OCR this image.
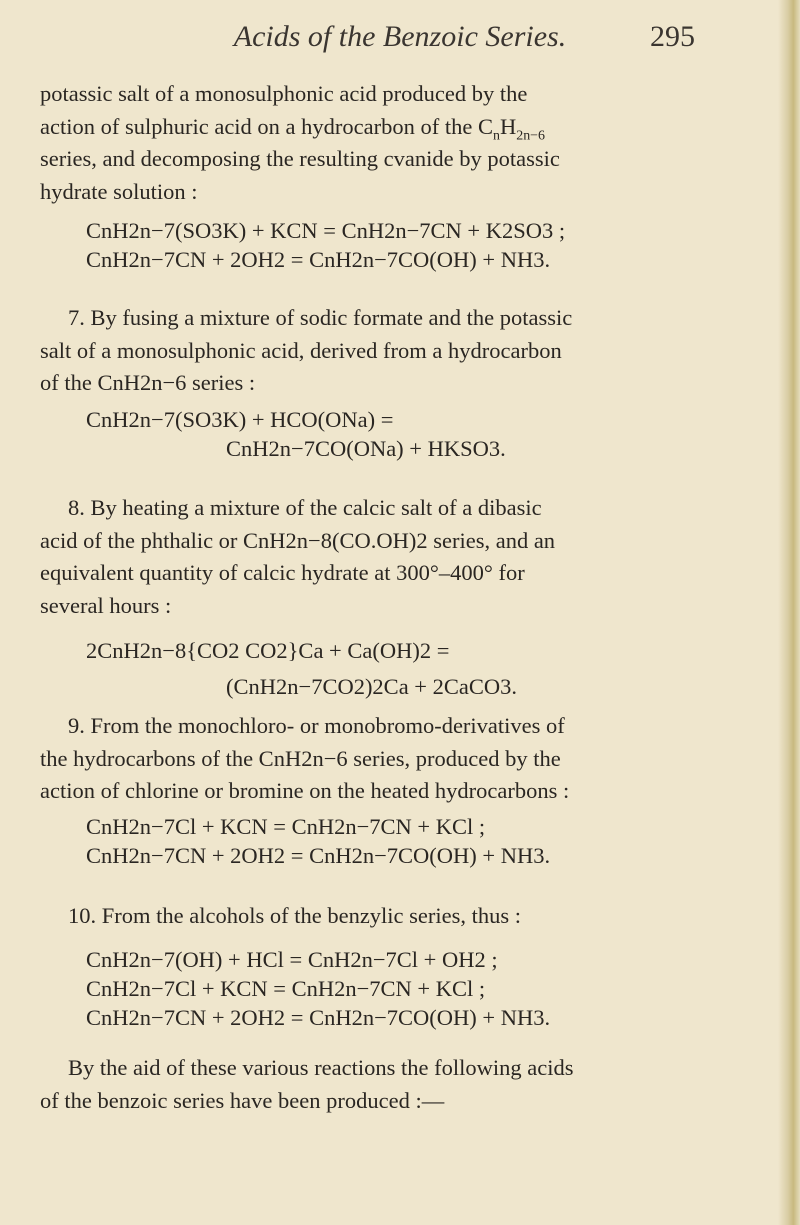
Acids of the Benzoic Series.	295

potassic salt of a monosulphonic acid produced by the

action of sulphuric acid on a hydrocarbon of the $C_nH_{2n-6}$

series, and decomposing the resulting cvanide by potassic

hydrate solution :

CnH2n−7(SO3K) + KCN = CnH2n−7CN + K2SO3 ;

CnH2n−7CN + 2OH2 = CnH2n−7CO(OH) + NH3.

7. By fusing a mixture of sodic formate and the potassic

salt of a monosulphonic acid, derived from a hydrocarbon

of the CnH2n−6 series :

CnH2n−7(SO3K) + HCO(ONa) =

CnH2n−7CO(ONa) + HKSO3.

8. By heating a mixture of the calcic salt of a dibasic

acid of the phthalic or CnH2n−8(CO.OH)2 series, and an

equivalent quantity of calcic hydrate at 300°–400° for

several hours :

2CnH2n−8{CO2 CO2}Ca + Ca(OH)2 =

(CnH2n−7CO2)2Ca + 2CaCO3.

9. From the monochloro- or monobromo-derivatives of

the hydrocarbons of the CnH2n−6 series, produced by the

action of chlorine or bromine on the heated hydrocarbons :

CnH2n−7Cl + KCN = CnH2n−7CN + KCl ;

CnH2n−7CN + 2OH2 = CnH2n−7CO(OH) + NH3.

10. From the alcohols of the benzylic series, thus :

CnH2n−7(OH) + HCl = CnH2n−7Cl + OH2 ;

CnH2n−7Cl + KCN = CnH2n−7CN + KCl ;

CnH2n−7CN + 2OH2 = CnH2n−7CO(OH) + NH3.

By the aid of these various reactions the following acids

of the benzoic series have been produced :—
